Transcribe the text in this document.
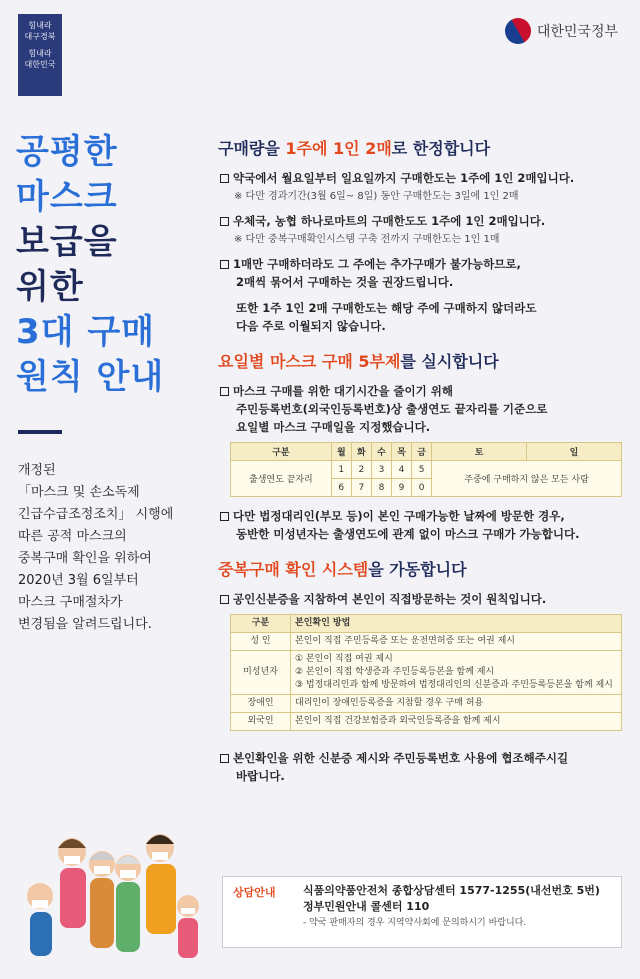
힘내라
대구경북
힘내라
대한민국
대한민국정부
공평한
마스크
보급을
위한
3대 구매
원칙 안내
개정된
「마스크 및 손소독제
긴급수급조정조치」 시행에
따른 공적 마스크의
중복구매 확인을 위하여
2020년 3월 6일부터
마스크 구매절차가
변경됨을 알려드립니다.
구매량을 1주에 1인 2매로 한정합니다
약국에서 월요일부터 일요일까지 구매한도는 1주에 1인 2매입니다.
※ 다만 경과기간(3월 6일~ 8일) 동안 구매한도는 3일에 1인 2매
우체국, 농협 하나로마트의 구매한도도 1주에 1인 2매입니다.
※ 다만 중복구매확인시스템 구축 전까지 구매한도는 1인 1매
1매만 구매하더라도 그 주에는 추가구매가 불가능하므로,
2매씩 묶어서 구매하는 것을 권장드립니다.
또한 1주 1인 2매 구매한도는 해당 주에 구매하지 않더라도
다음 주로 이월되지 않습니다.
요일별 마스크 구매 5부제를 실시합니다
마스크 구매를 위한 대기시간을 줄이기 위해
주민등록번호(외국인등록번호)상 출생연도 끝자리를 기준으로
요일별 마스크 구매일을 지정했습니다.
구분	월	화	수	목	금	토	일
출생연도 끝자리	1	2	3	4	5	주중에 구매하지 않은 모든 사람	
	6	7	8	9	0		
다만 법정대리인(부모 등)이 본인 구매가능한 날짜에 방문한 경우,
동반한 미성년자는 출생연도에 관계 없이 마스크 구매가 가능합니다.
중복구매 확인 시스템을 가동합니다
공인신분증을 지참하여 본인이 직접방문하는 것이 원칙입니다.
구분	본인확인 방법
성 인	본인이 직접 주민등록증 또는 운전면허증 또는 여권 제시
미성년자	① 본인이 직접 여권 제시
② 본인이 직접 학생증과 주민등록등본을 함께 제시
③ 법정대리인과 함께 방문하여 법정대리인의 신분증과 주민등록등본을 함께 제시

장애인	대리인이 장애인등록증을 지참할 경우 구매 허용
외국인	본인이 직접 건강보험증과 외국인등록증을 함께 제시
본인확인을 위한 신분증 제시와 주민등록번호 사용에 협조해주시길
바랍니다.
상담안내 식품의약품안전처 종합상담센터 1577-1255(내선번호 5번)
정부민원안내 콜센터 110
- 약국 판매자의 경우 지역약사회에 문의하시기 바랍니다.
